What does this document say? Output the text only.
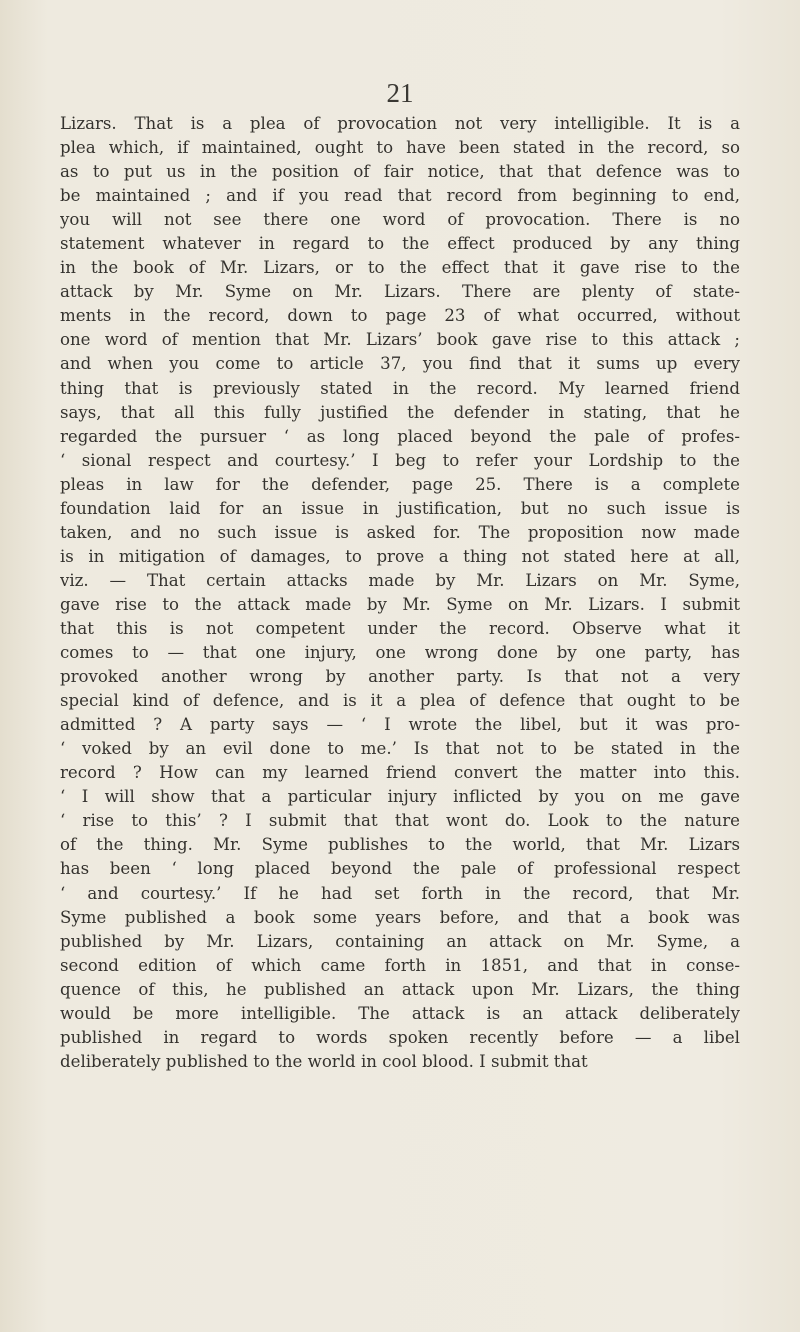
21
Lizars. That is a plea of provocation not very intelligible. It is a
plea which, if maintained, ought to have been stated in the record, so
as to put us in the position of fair notice, that that defence was to
be maintained ; and if you read that record from beginning to end,
you will not see there one word of provocation. There is no
statement whatever in regard to the effect produced by any thing
in the book of Mr. Lizars, or to the effect that it gave rise to the
attack by Mr. Syme on Mr. Lizars. There are plenty of state-
ments in the record, down to page 23 of what occurred, without
one word of mention that Mr. Lizars’ book gave rise to this attack ;
and when you come to article 37, you find that it sums up every
thing that is previously stated in the record. My learned friend
says, that all this fully justified the defender in stating, that he
regarded the pursuer ‘ as long placed beyond the pale of profes-
‘ sional respect and courtesy.’ I beg to refer your Lordship to the
pleas in law for the defender, page 25. There is a complete
foundation laid for an issue in justification, but no such issue is
taken, and no such issue is asked for. The proposition now made
is in mitigation of damages, to prove a thing not stated here at all,
viz. — That certain attacks made by Mr. Lizars on Mr. Syme,
gave rise to the attack made by Mr. Syme on Mr. Lizars. I submit
that this is not competent under the record. Observe what it
comes to — that one injury, one wrong done by one party, has
provoked another wrong by another party. Is that not a very
special kind of defence, and is it a plea of defence that ought to be
admitted ? A party says — ‘ I wrote the libel, but it was pro-
‘ voked by an evil done to me.’ Is that not to be stated in the
record ? How can my learned friend convert the matter into this.
‘ I will show that a particular injury inflicted by you on me gave
‘ rise to this’ ? I submit that that wont do. Look to the nature
of the thing. Mr. Syme publishes to the world, that Mr. Lizars
has been ‘ long placed beyond the pale of professional respect
‘ and courtesy.’ If he had set forth in the record, that Mr.
Syme published a book some years before, and that a book was
published by Mr. Lizars, containing an attack on Mr. Syme, a
second edition of which came forth in 1851, and that in conse-
quence of this, he published an attack upon Mr. Lizars, the thing
would be more intelligible. The attack is an attack deliberately
published in regard to words spoken recently before — a libel
deliberately published to the world in cool blood. I submit that
